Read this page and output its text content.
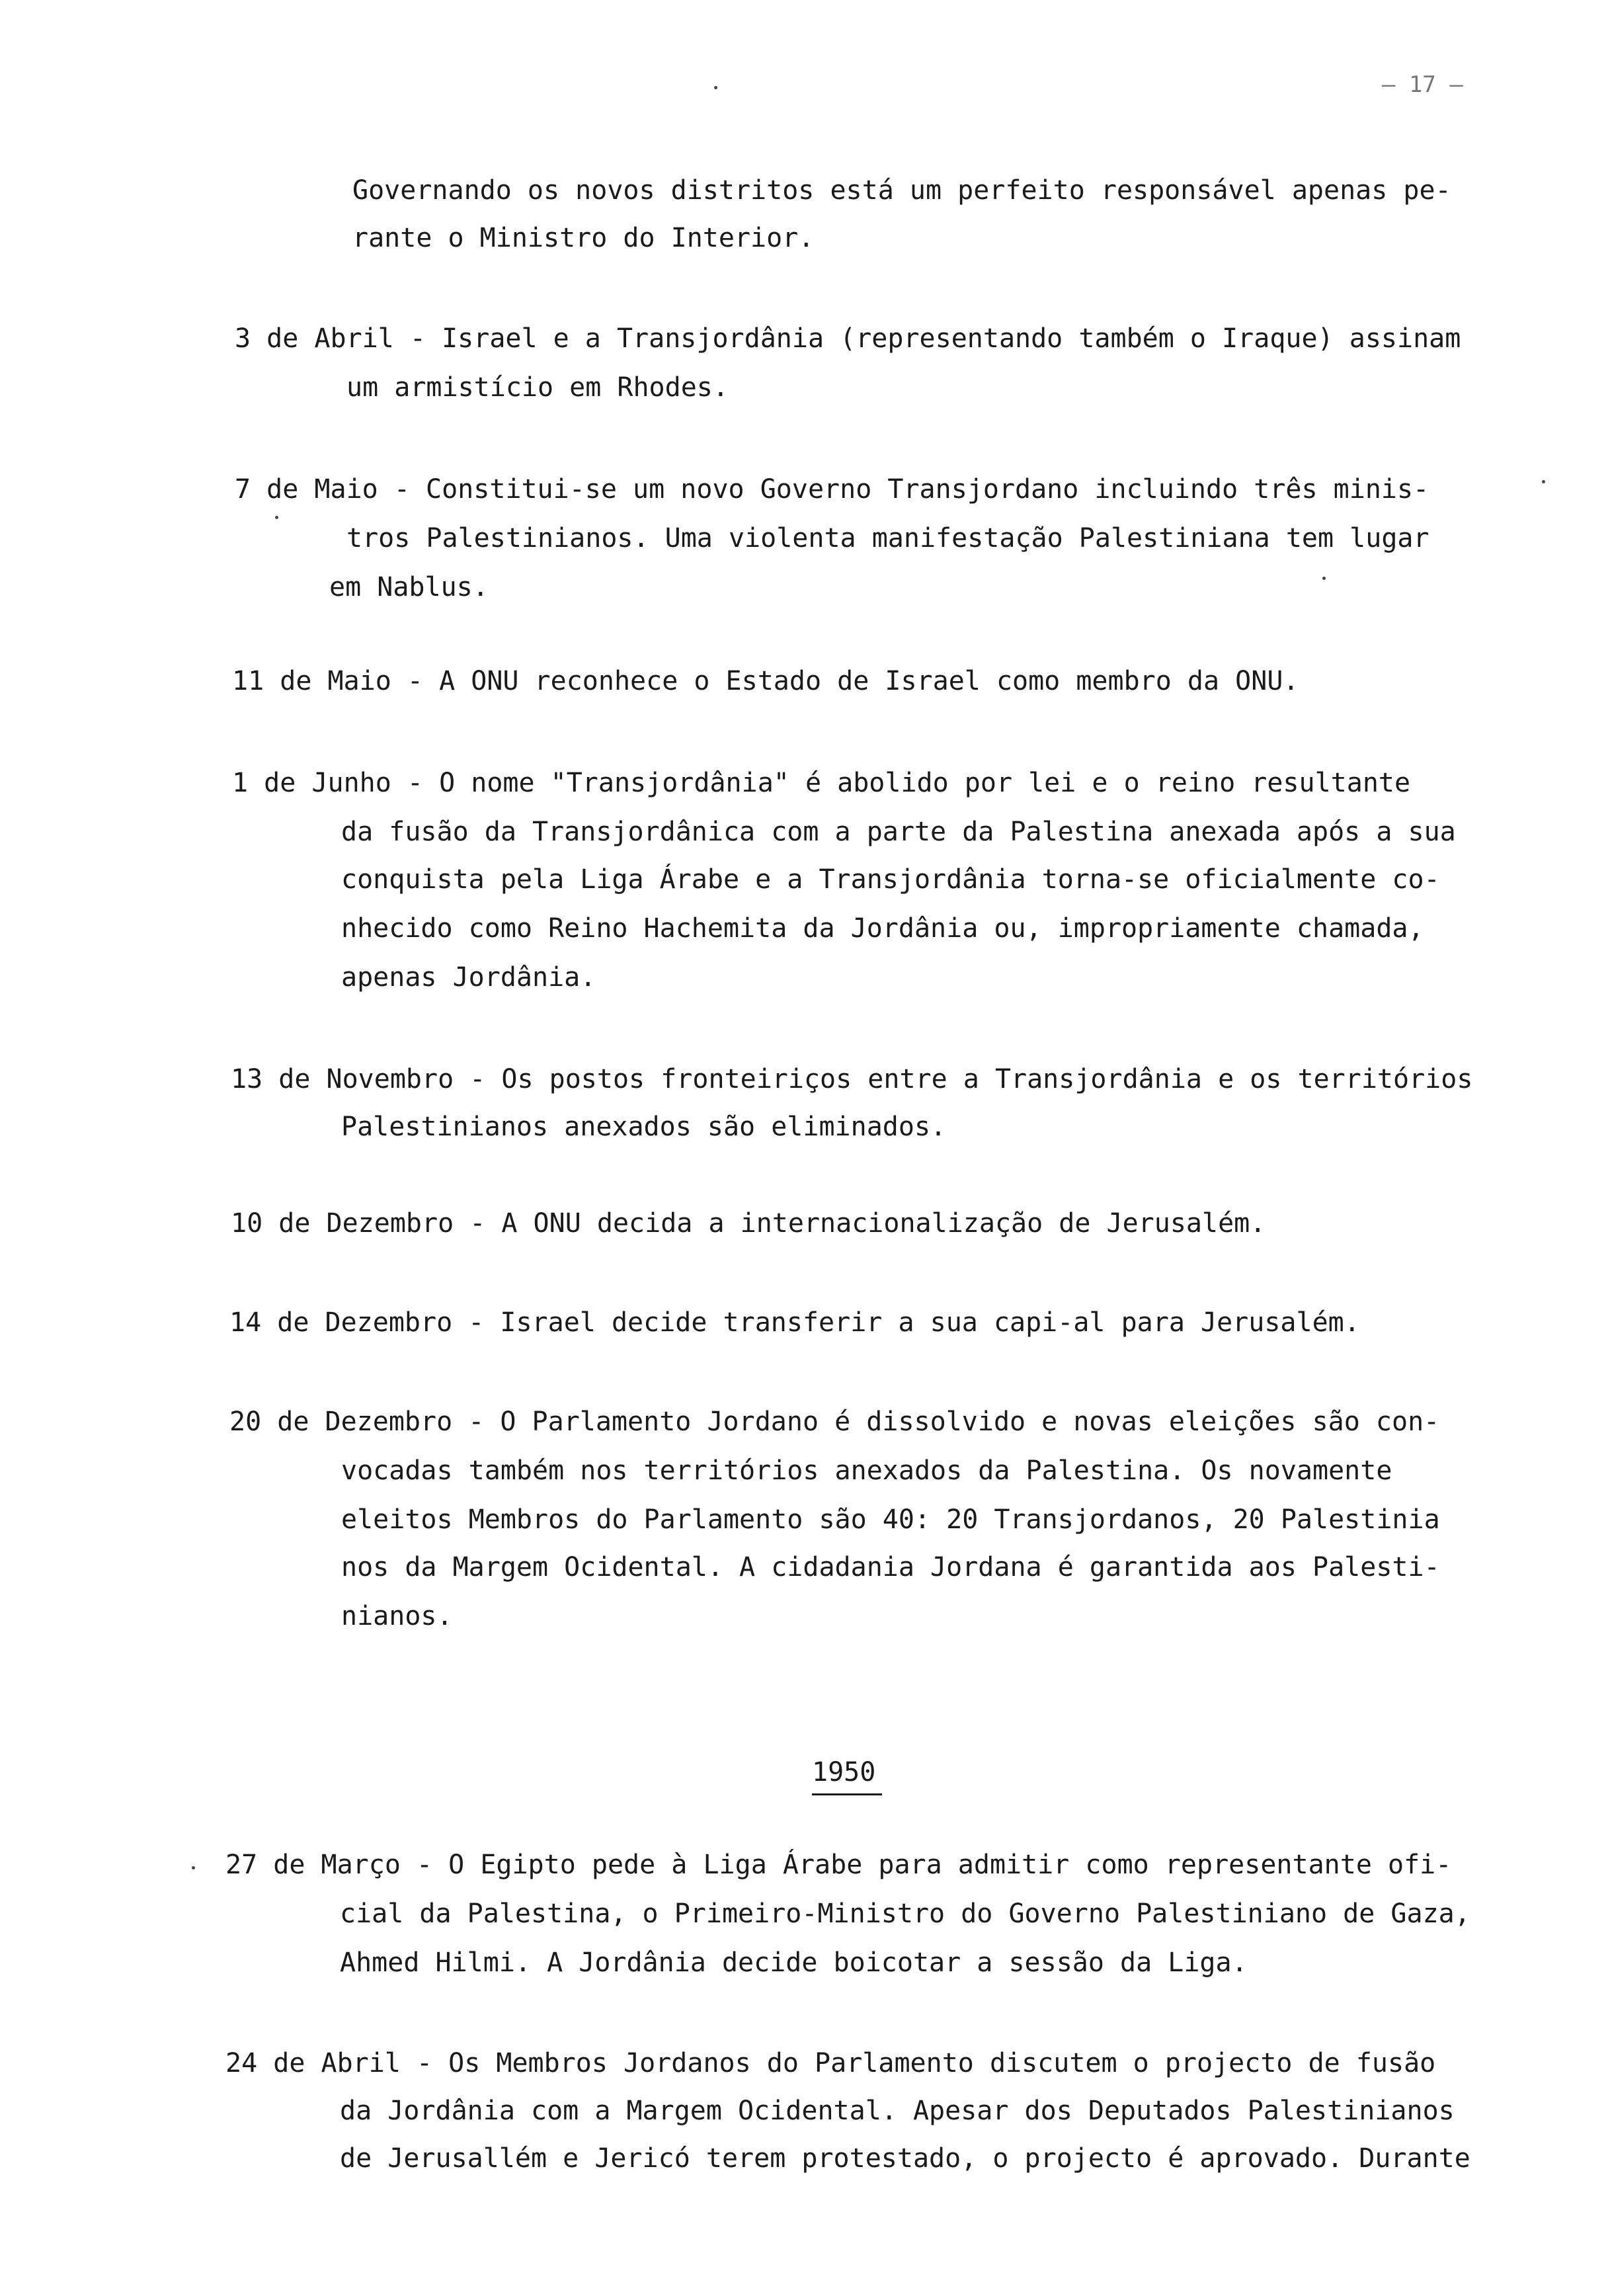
– 17 –
Governando os novos distritos está um perfeito responsável apenas pe-
rante o Ministro do Interior.
3 de Abril - Israel e a Transjordânia (representando também o Iraque) assinam
um armistício em Rhodes.
7 de Maio - Constitui-se um novo Governo Transjordano incluindo três minis-
tros Palestinianos. Uma violenta manifestação Palestiniana tem lugar
em Nablus.
11 de Maio - A ONU reconhece o Estado de Israel como membro da ONU.
1 de Junho - O nome "Transjordânia" é abolido por lei e o reino resultante
da fusão da Transjordânica com a parte da Palestina anexada após a sua
conquista pela Liga Árabe e a Transjordânia torna-se oficialmente co-
nhecido como Reino Hachemita da Jordânia ou, impropriamente chamada,
apenas Jordânia.
13 de Novembro - Os postos fronteiriços entre a Transjordânia e os territórios
Palestinianos anexados são eliminados.
10 de Dezembro - A ONU decida a internacionalização de Jerusalém.
14 de Dezembro - Israel decide transferir a sua capi-al para Jerusalém.
20 de Dezembro - O Parlamento Jordano é dissolvido e novas eleições são con-
vocadas também nos territórios anexados da Palestina. Os novamente
eleitos Membros do Parlamento são 40: 20 Transjordanos, 20 Palestinia
nos da Margem Ocidental. A cidadania Jordana é garantida aos Palesti-
nianos.
1950
27 de Março - O Egipto pede à Liga Árabe para admitir como representante ofi-
cial da Palestina, o Primeiro-Ministro do Governo Palestiniano de Gaza,
Ahmed Hilmi. A Jordânia decide boicotar a sessão da Liga.
24 de Abril - Os Membros Jordanos do Parlamento discutem o projecto de fusão
da Jordânia com a Margem Ocidental. Apesar dos Deputados Palestinianos
de Jerusallém e Jericó terem protestado, o projecto é aprovado. Durante
